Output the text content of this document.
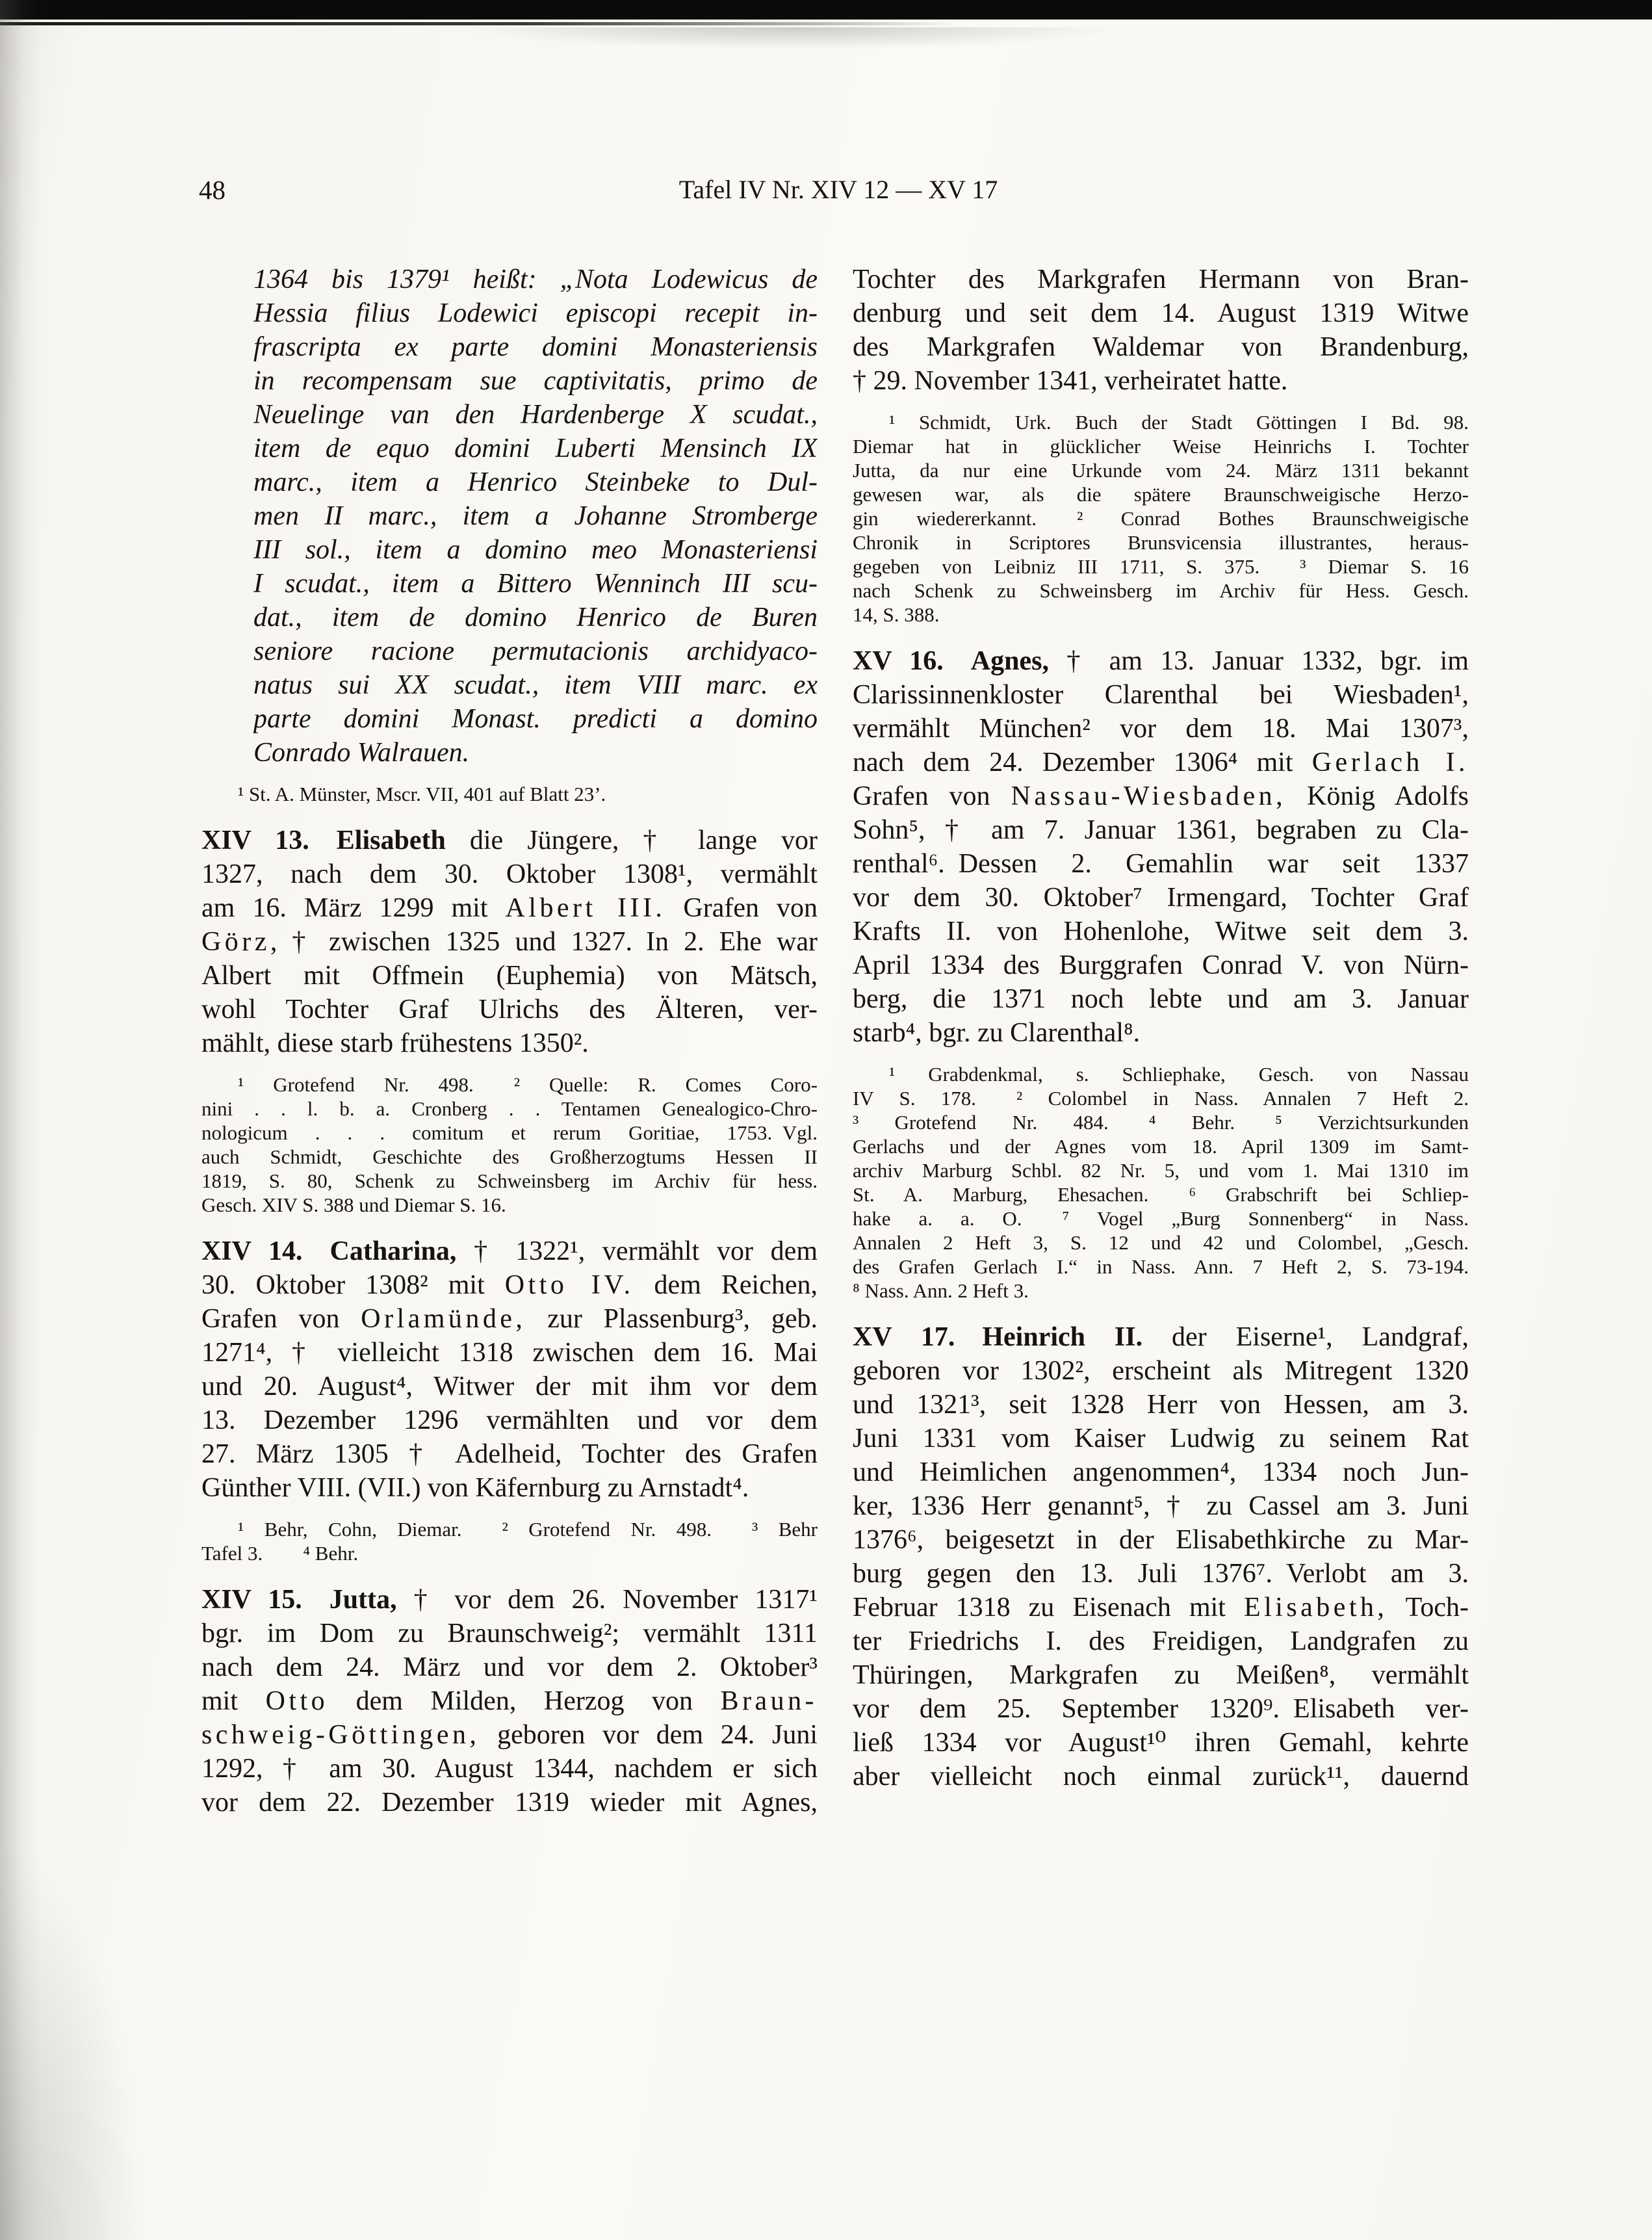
48	Tafel IV Nr. XIV 12 — XV 17
1364 bis 1379¹ heißt: „Nota Lodewicus de
Hessia filius Lodewici episcopi recepit in-
frascripta ex parte domini Monasteriensis
in recompensam sue captivitatis, primo de
Neuelinge van den Hardenberge X scudat.,
item de equo domini Luberti Mensinch IX
marc., item a Henrico Steinbeke to Dul-
men II marc., item a Johanne Stromberge
III sol., item a domino meo Monasteriensi
I scudat., item a Bittero Wenninch III scu-
dat., item de domino Henrico de Buren
seniore racione permutacionis archidyaco-
natus sui XX scudat., item VIII marc. ex
parte domini Monast. predicti a domino
Conrado Walrauen.
¹ St. A. Münster, Mscr. VII, 401 auf Blatt 23’.
XIV 13.  Elisabeth die Jüngere, † lange vor
1327, nach dem 30. Oktober 1308¹, vermählt
am 16. März 1299 mit Albert III. Grafen von
Görz, † zwischen 1325 und 1327. In 2. Ehe war
Albert mit Offmein (Euphemia) von Mätsch,
wohl Tochter Graf Ulrichs des Älteren, ver-
mählt, diese starb frühestens 1350².
¹ Grotefend Nr. 498.  ² Quelle: R. Comes Coro-
nini . . l. b. a. Cronberg . . Tentamen Genealogico-Chro-
nologicum . . . comitum et rerum Goritiae, 1753. Vgl.
auch Schmidt, Geschichte des Großherzogtums Hessen II
1819, S. 80, Schenk zu Schweinsberg im Archiv für hess.
Gesch. XIV S. 388 und Diemar S. 16.
XIV 14.  Catharina, † 1322¹, vermählt vor dem
30. Oktober 1308² mit Otto IV. dem Reichen,
Grafen von Orlamünde, zur Plassenburg³, geb.
1271⁴, † vielleicht 1318 zwischen dem 16. Mai
und 20. August⁴, Witwer der mit ihm vor dem
13. Dezember 1296 vermählten und vor dem
27. März 1305 † Adelheid, Tochter des Grafen
Günther VIII. (VII.) von Käfernburg zu Arnstadt⁴.
¹ Behr, Cohn, Diemar.  ² Grotefend Nr. 498.  ³ Behr
Tafel 3.  ⁴ Behr.
XIV 15.  Jutta, † vor dem 26. November 1317¹
bgr. im Dom zu Braunschweig²; vermählt 1311
nach dem 24. März und vor dem 2. Oktober³
mit Otto dem Milden, Herzog von Braun-
schweig-Göttingen, geboren vor dem 24. Juni
1292, † am 30. August 1344, nachdem er sich
vor dem 22. Dezember 1319 wieder mit Agnes,
Tochter des Markgrafen Hermann von Bran-
denburg und seit dem 14. August 1319 Witwe
des Markgrafen Waldemar von Brandenburg,
† 29. November 1341, verheiratet hatte.
¹ Schmidt, Urk. Buch der Stadt Göttingen I Bd. 98.
Diemar hat in glücklicher Weise Heinrichs I. Tochter
Jutta, da nur eine Urkunde vom 24. März 1311 bekannt
gewesen war, als die spätere Braunschweigische Herzo-
gin wiedererkannt.  ² Conrad Bothes Braunschweigische
Chronik in Scriptores Brunsvicensia illustrantes, heraus-
gegeben von Leibniz III 1711, S. 375.  ³ Diemar S. 16
nach Schenk zu Schweinsberg im Archiv für Hess. Gesch.
14, S. 388.
XV 16.  Agnes, † am 13. Januar 1332, bgr. im
Clarissinnenkloster Clarenthal bei Wiesbaden¹,
vermählt München² vor dem 18. Mai 1307³,
nach dem 24. Dezember 1306⁴ mit Gerlach I.
Grafen von Nassau-Wiesbaden, König Adolfs
Sohn⁵, † am 7. Januar 1361, begraben zu Cla-
renthal⁶. Dessen 2. Gemahlin war seit 1337
vor dem 30. Oktober⁷ Irmengard, Tochter Graf
Krafts II. von Hohenlohe, Witwe seit dem 3.
April 1334 des Burggrafen Conrad V. von Nürn-
berg, die 1371 noch lebte und am 3. Januar
starb⁴, bgr. zu Clarenthal⁸.
¹ Grabdenkmal, s. Schliephake, Gesch. von Nassau
IV S. 178.  ² Colombel in Nass. Annalen 7 Heft 2.
³ Grotefend Nr. 484.  ⁴ Behr.  ⁵ Verzichtsurkunden
Gerlachs und der Agnes vom 18. April 1309 im Samt-
archiv Marburg Schbl. 82 Nr. 5, und vom 1. Mai 1310 im
St. A. Marburg, Ehesachen.  ⁶ Grabschrift bei Schliep-
hake a. a. O.  ⁷ Vogel „Burg Sonnenberg“ in Nass.
Annalen 2 Heft 3, S. 12 und 42 und Colombel, „Gesch.
des Grafen Gerlach I.“ in Nass. Ann. 7 Heft 2, S. 73-194.
⁸ Nass. Ann. 2 Heft 3.
XV 17.  Heinrich II. der Eiserne¹, Landgraf,
geboren vor 1302², erscheint als Mitregent 1320
und 1321³, seit 1328 Herr von Hessen, am 3.
Juni 1331 vom Kaiser Ludwig zu seinem Rat
und Heimlichen angenommen⁴, 1334 noch Jun-
ker, 1336 Herr genannt⁵, † zu Cassel am 3. Juni
1376⁶, beigesetzt in der Elisabethkirche zu Mar-
burg gegen den 13. Juli 1376⁷. Verlobt am 3.
Februar 1318 zu Eisenach mit Elisabeth, Toch-
ter Friedrichs I. des Freidigen, Landgrafen zu
Thüringen, Markgrafen zu Meißen⁸, vermählt
vor dem 25. September 1320⁹. Elisabeth ver-
ließ 1334 vor August¹⁰ ihren Gemahl, kehrte
aber vielleicht noch einmal zurück¹¹, dauernd
